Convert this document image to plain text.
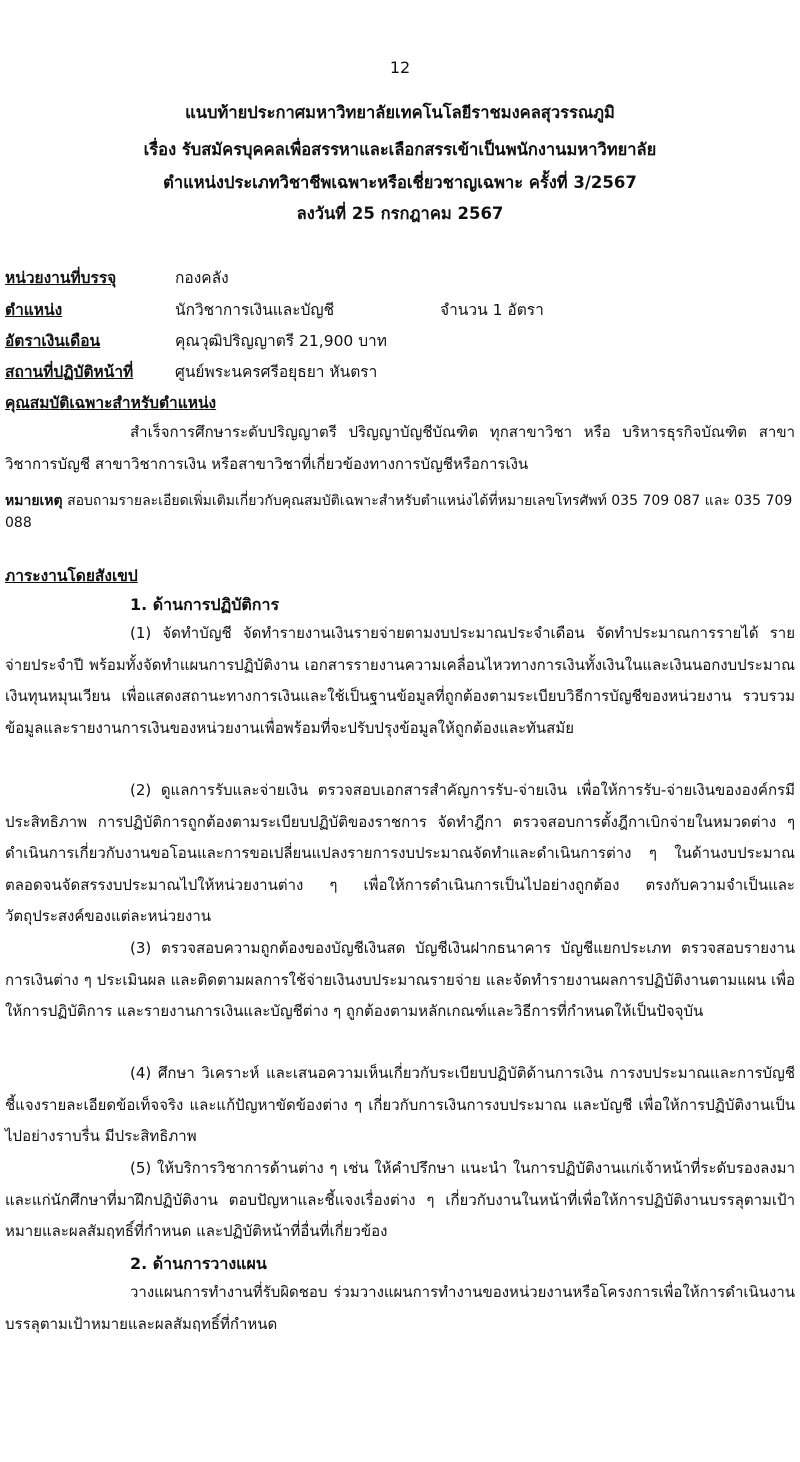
12
แนบท้ายประกาศมหาวิทยาลัยเทคโนโลยีราชมงคลสุวรรณภูมิ
เรื่อง รับสมัครบุคคลเพื่อสรรหาและเลือกสรรเข้าเป็นพนักงานมหาวิทยาลัย
ตำแหน่งประเภทวิชาชีพเฉพาะหรือเชี่ยวชาญเฉพาะ ครั้งที่ 3/2567
ลงวันที่ 25 กรกฎาคม 2567
หน่วยงานที่บรรจุ	กองคลัง
ตำแหน่ง	นักวิชาการเงินและบัญชี	จำนวน 1 อัตรา
อัตราเงินเดือน	คุณวุฒิปริญญาตรี 21,900 บาท
สถานที่ปฏิบัติหน้าที่	ศูนย์พระนครศรีอยุธยา หันตรา
คุณสมบัติเฉพาะสำหรับตำแหน่ง

สำเร็จการศึกษาระดับปริญญาตรี ปริญญาบัญชีบัณฑิต ทุกสาขาวิชา หรือ บริหารธุรกิจบัณฑิต สาขาวิชาการบัญชี สาขาวิชาการเงิน หรือสาขาวิชาที่เกี่ยวข้องทางการบัญชีหรือการเงิน

หมายเหตุ สอบถามรายละเอียดเพิ่มเติมเกี่ยวกับคุณสมบัติเฉพาะสำหรับตำแหน่งได้ที่หมายเลขโทรศัพท์ 035 709 087 และ 035 709 088

ภาระงานโดยสังเขป
1. ด้านการปฏิบัติการ

(1) จัดทำบัญชี จัดทำรายงานเงินรายจ่ายตามงบประมาณประจำเดือน จัดทำประมาณการรายได้ รายจ่ายประจำปี พร้อมทั้งจัดทำแผนการปฏิบัติงาน เอกสารรายงานความเคลื่อนไหวทางการเงินทั้งเงินในและเงินนอกงบประมาณ เงินทุนหมุนเวียน เพื่อแสดงสถานะทางการเงินและใช้เป็นฐานข้อมูลที่ถูกต้องตามระเบียบวิธีการบัญชีของหน่วยงาน รวบรวมข้อมูลและรายงานการเงินของหน่วยงานเพื่อพร้อมที่จะปรับปรุงข้อมูลให้ถูกต้องและทันสมัย

(2) ดูแลการรับและจ่ายเงิน ตรวจสอบเอกสารสำคัญการรับ-จ่ายเงิน เพื่อให้การรับ-จ่ายเงินขององค์กรมีประสิทธิภาพ การปฏิบัติการถูกต้องตามระเบียบปฏิบัติของราชการ จัดทำฎีกา ตรวจสอบการตั้งฎีกาเบิกจ่ายในหมวดต่าง ๆ ดำเนินการเกี่ยวกับงานขอโอนและการขอเปลี่ยนแปลงรายการงบประมาณจัดทำและดำเนินการต่าง ๆ ในด้านงบประมาณ ตลอดจนจัดสรรงบประมาณไปให้หน่วยงานต่าง ๆ เพื่อให้การดำเนินการเป็นไปอย่างถูกต้อง ตรงกับความจำเป็นและวัตถุประสงค์ของแต่ละหน่วยงาน

(3) ตรวจสอบความถูกต้องของบัญชีเงินสด บัญชีเงินฝากธนาคาร บัญชีแยกประเภท ตรวจสอบรายงานการเงินต่าง ๆ ประเมินผล และติดตามผลการใช้จ่ายเงินงบประมาณรายจ่าย และจัดทำรายงานผลการปฏิบัติงานตามแผน เพื่อให้การปฏิบัติการ และรายงานการเงินและบัญชีต่าง ๆ ถูกต้องตามหลักเกณฑ์และวิธีการที่กำหนดให้เป็นปัจจุบัน

(4) ศึกษา วิเคราะห์ และเสนอความเห็นเกี่ยวกับระเบียบปฏิบัติด้านการเงิน การงบประมาณและการบัญชี ชี้แจงรายละเอียดข้อเท็จจริง และแก้ปัญหาขัดข้องต่าง ๆ เกี่ยวกับการเงินการงบประมาณ และบัญชี เพื่อให้การปฏิบัติงานเป็นไปอย่างราบรื่น มีประสิทธิภาพ

(5) ให้บริการวิชาการด้านต่าง ๆ เช่น ให้คำปรึกษา แนะนำ ในการปฏิบัติงานแก่เจ้าหน้าที่ระดับรองลงมาและแก่นักศึกษาที่มาฝึกปฏิบัติงาน ตอบปัญหาและชี้แจงเรื่องต่าง ๆ เกี่ยวกับงานในหน้าที่เพื่อให้การปฏิบัติงานบรรลุตามเป้าหมายและผลสัมฤทธิ์ที่กำหนด และปฏิบัติหน้าที่อื่นที่เกี่ยวข้อง

2. ด้านการวางแผน

วางแผนการทำงานที่รับผิดชอบ ร่วมวางแผนการทำงานของหน่วยงานหรือโครงการเพื่อให้การดำเนินงานบรรลุตามเป้าหมายและผลสัมฤทธิ์ที่กำหนด
